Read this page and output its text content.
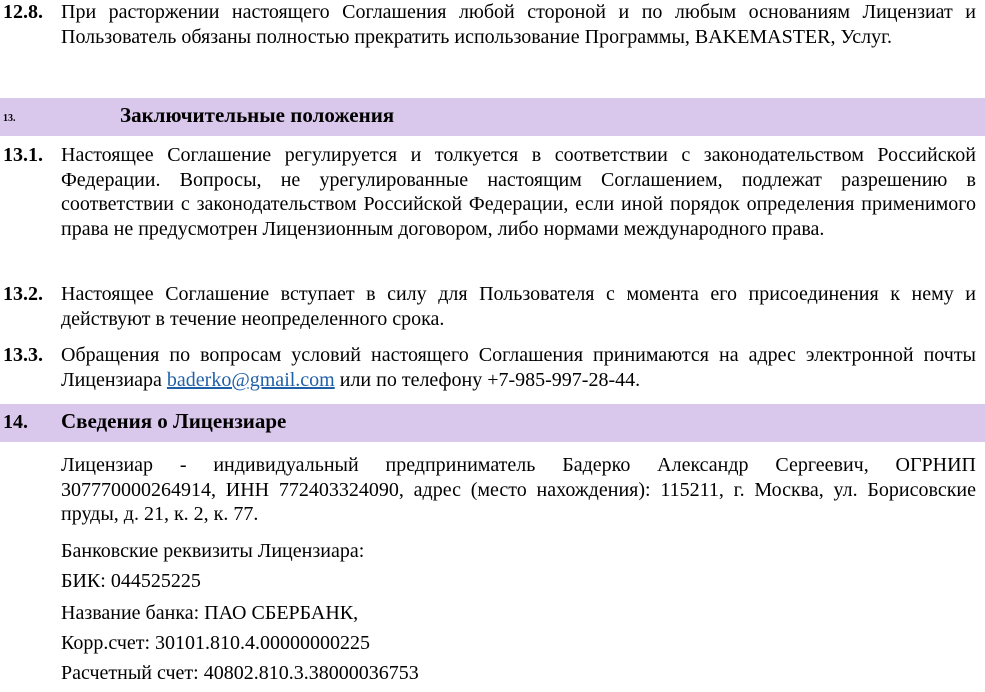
12.8. При расторжении настоящего Соглашения любой стороной и по любым основаниям Лицензиат и Пользователь обязаны полностью прекратить использование Программы, BAKEMASTER, Услуг.
13.	Заключительные положения
13.1. Настоящее Соглашение регулируется и толкуется в соответствии с законодательством Российской Федерации. Вопросы, не урегулированные настоящим Соглашением, подлежат разрешению в соответствии с законодательством Российской Федерации, если иной порядок определения применимого права не предусмотрен Лицензионным договором, либо нормами международного права.
13.2. Настоящее Соглашение вступает в силу для Пользователя с момента его присоединения к нему и действуют в течение неопределенного срока.
13.3. Обращения по вопросам условий настоящего Соглашения принимаются на адрес электронной почты Лицензиара baderko@gmail.com или по телефону +7-985-997-28-44.
14. Сведения о Лицензиаре
Лицензиар - индивидуальный предприниматель Бадерко Александр Сергеевич, ОГРНИП 307770000264914, ИНН 772403324090, адрес (место нахождения): 115211, г. Москва, ул. Борисовские пруды, д. 21, к. 2, к. 77.
Банковские реквизиты Лицензиара:
БИК: 044525225
Название банка: ПАО СБЕРБАНК,
Корр.счет: 30101.810.4.00000000225
Расчетный счет: 40802.810.3.38000036753
